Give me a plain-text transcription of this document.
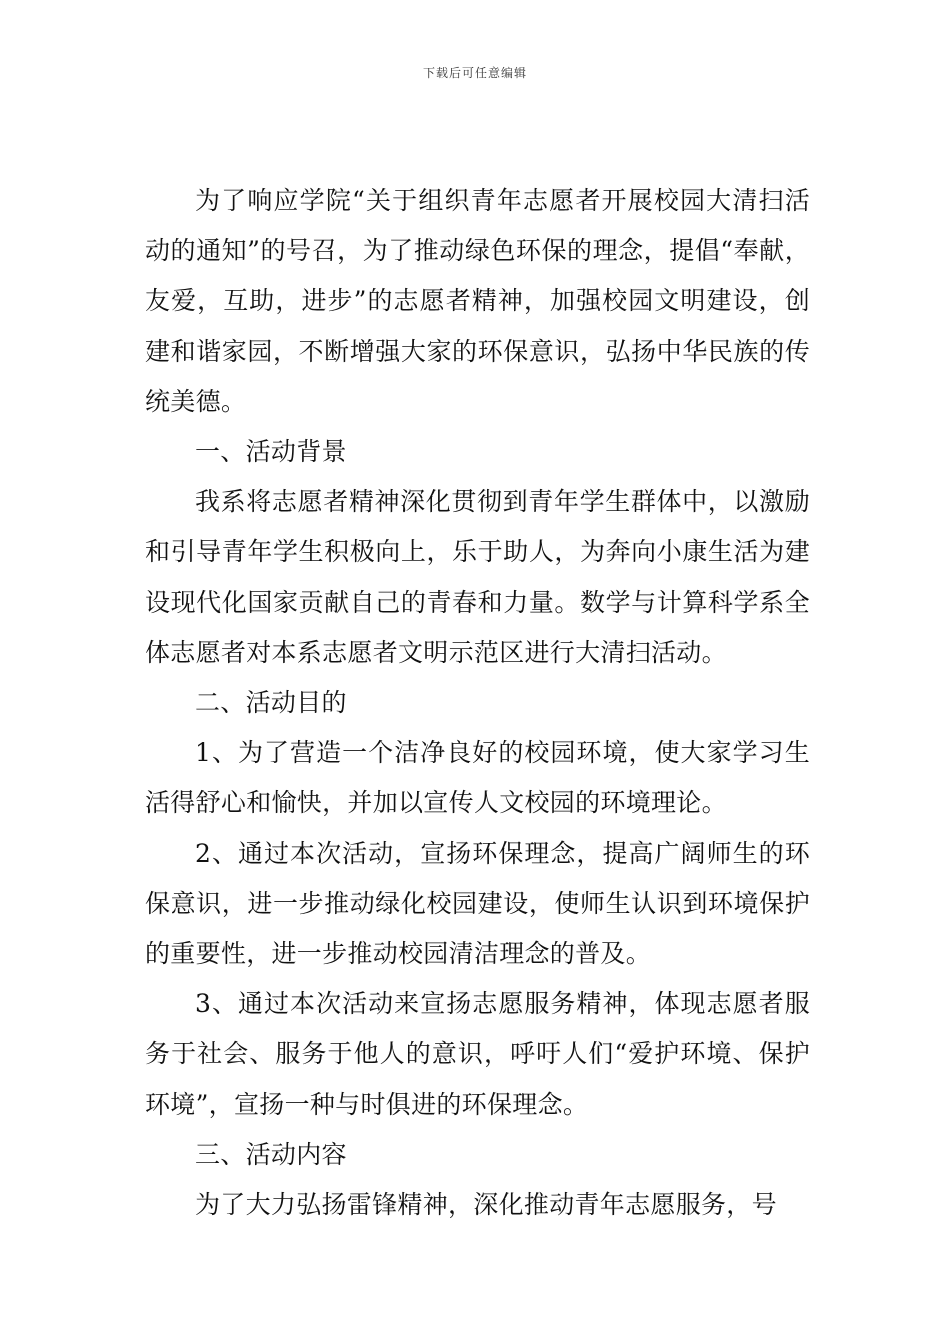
下载后可任意编辑

为了响应学院“关于组织青年志愿者开展校园大清扫活动的通知”的号召，为了推动绿色环保的理念，提倡“奉献，友爱，互助，进步”的志愿者精神，加强校园文明建设，创建和谐家园，不断增强大家的环保意识，弘扬中华民族的传统美德。

一、活动背景

我系将志愿者精神深化贯彻到青年学生群体中，以激励和引导青年学生积极向上，乐于助人，为奔向小康生活为建设现代化国家贡献自己的青春和力量。数学与计算科学系全体志愿者对本系志愿者文明示范区进行大清扫活动。

二、活动目的

1、为了营造一个洁净良好的校园环境，使大家学习生活得舒心和愉快，并加以宣传人文校园的环境理论。

2、通过本次活动，宣扬环保理念，提高广阔师生的环保意识，进一步推动绿化校园建设，使师生认识到环境保护的重要性，进一步推动校园清洁理念的普及。

3、通过本次活动来宣扬志愿服务精神，体现志愿者服务于社会、服务于他人的意识，呼吁人们“爱护环境、保护环境”，宣扬一种与时俱进的环保理念。

三、活动内容

为了大力弘扬雷锋精神，深化推动青年志愿服务，号
